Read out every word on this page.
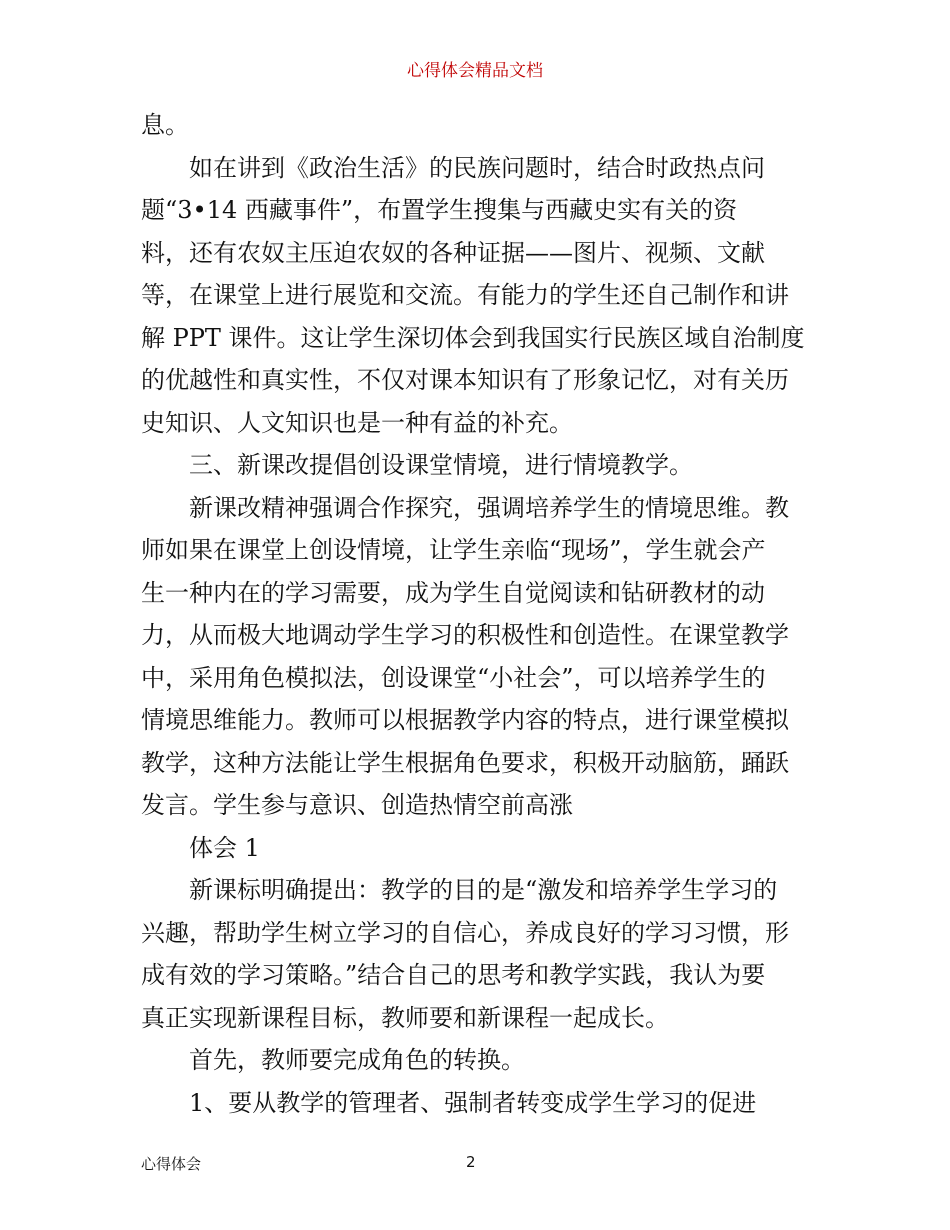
心得体会精品文档
息。
如在讲到《政治生活》的民族问题时，结合时政热点问
题“3•14 西藏事件”，布置学生搜集与西藏史实有关的资
料，还有农奴主压迫农奴的各种证据——图片、视频、文献
等，在课堂上进行展览和交流。有能力的学生还自己制作和讲
解 PPT 课件。这让学生深切体会到我国实行民族区域自治制度
的优越性和真实性，不仅对课本知识有了形象记忆，对有关历
史知识、人文知识也是一种有益的补充。
三、新课改提倡创设课堂情境，进行情境教学。
新课改精神强调合作探究，强调培养学生的情境思维。教
师如果在课堂上创设情境，让学生亲临“现场”，学生就会产
生一种内在的学习需要，成为学生自觉阅读和钻研教材的动
力，从而极大地调动学生学习的积极性和创造性。在课堂教学
中，采用角色模拟法，创设课堂“小社会”，可以培养学生的
情境思维能力。教师可以根据教学内容的特点，进行课堂模拟
教学，这种方法能让学生根据角色要求，积极开动脑筋，踊跃
发言。学生参与意识、创造热情空前高涨
体会 1
新课标明确提出：教学的目的是“激发和培养学生学习的
兴趣，帮助学生树立学习的自信心，养成良好的学习习惯，形
成有效的学习策略。”结合自己的思考和教学实践，我认为要
真正实现新课程目标，教师要和新课程一起成长。
首先，教师要完成角色的转换。
1、要从教学的管理者、强制者转变成学生学习的促进
心得体会	2
